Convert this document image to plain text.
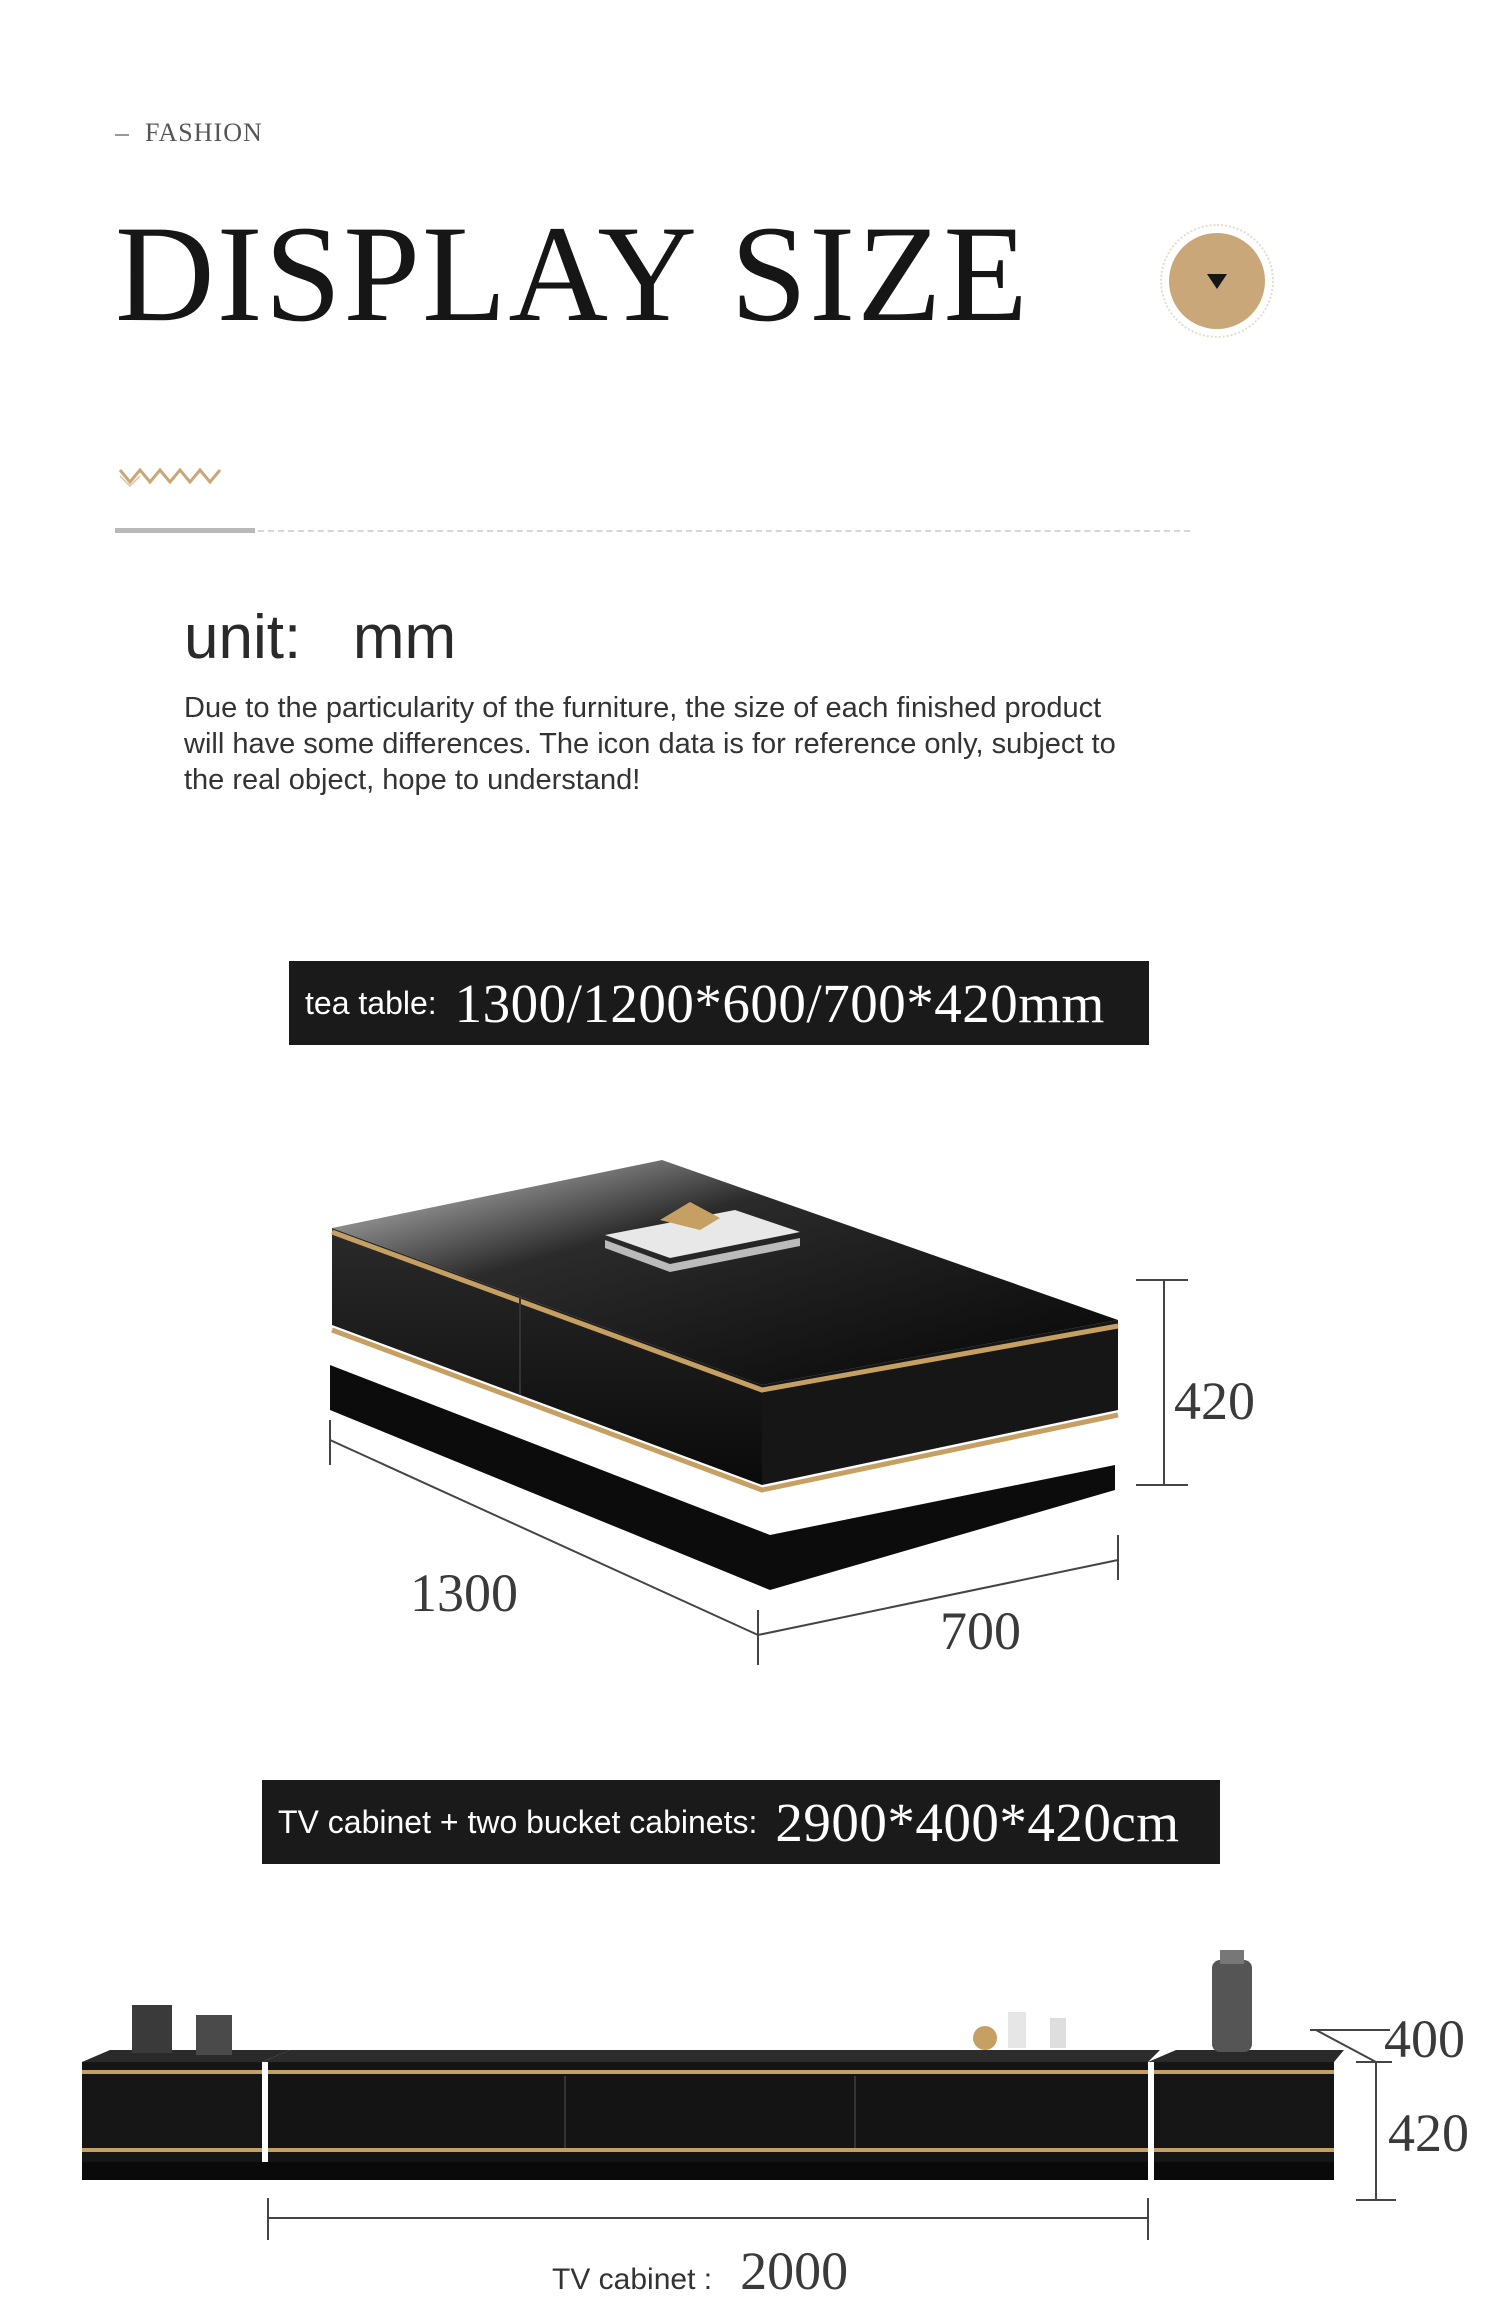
FASHION
DISPLAY SIZE
unit:   mm
Due to the particularity of the furniture, the size of each finished product will have some differences. The icon data is for reference only, subject to the real object, hope to understand!
tea table: 1300/1200*600/700*420mm
420
1300
700
TV cabinet + two bucket cabinets: 2900*400*420cm
400
420
TV cabinet : 2000
